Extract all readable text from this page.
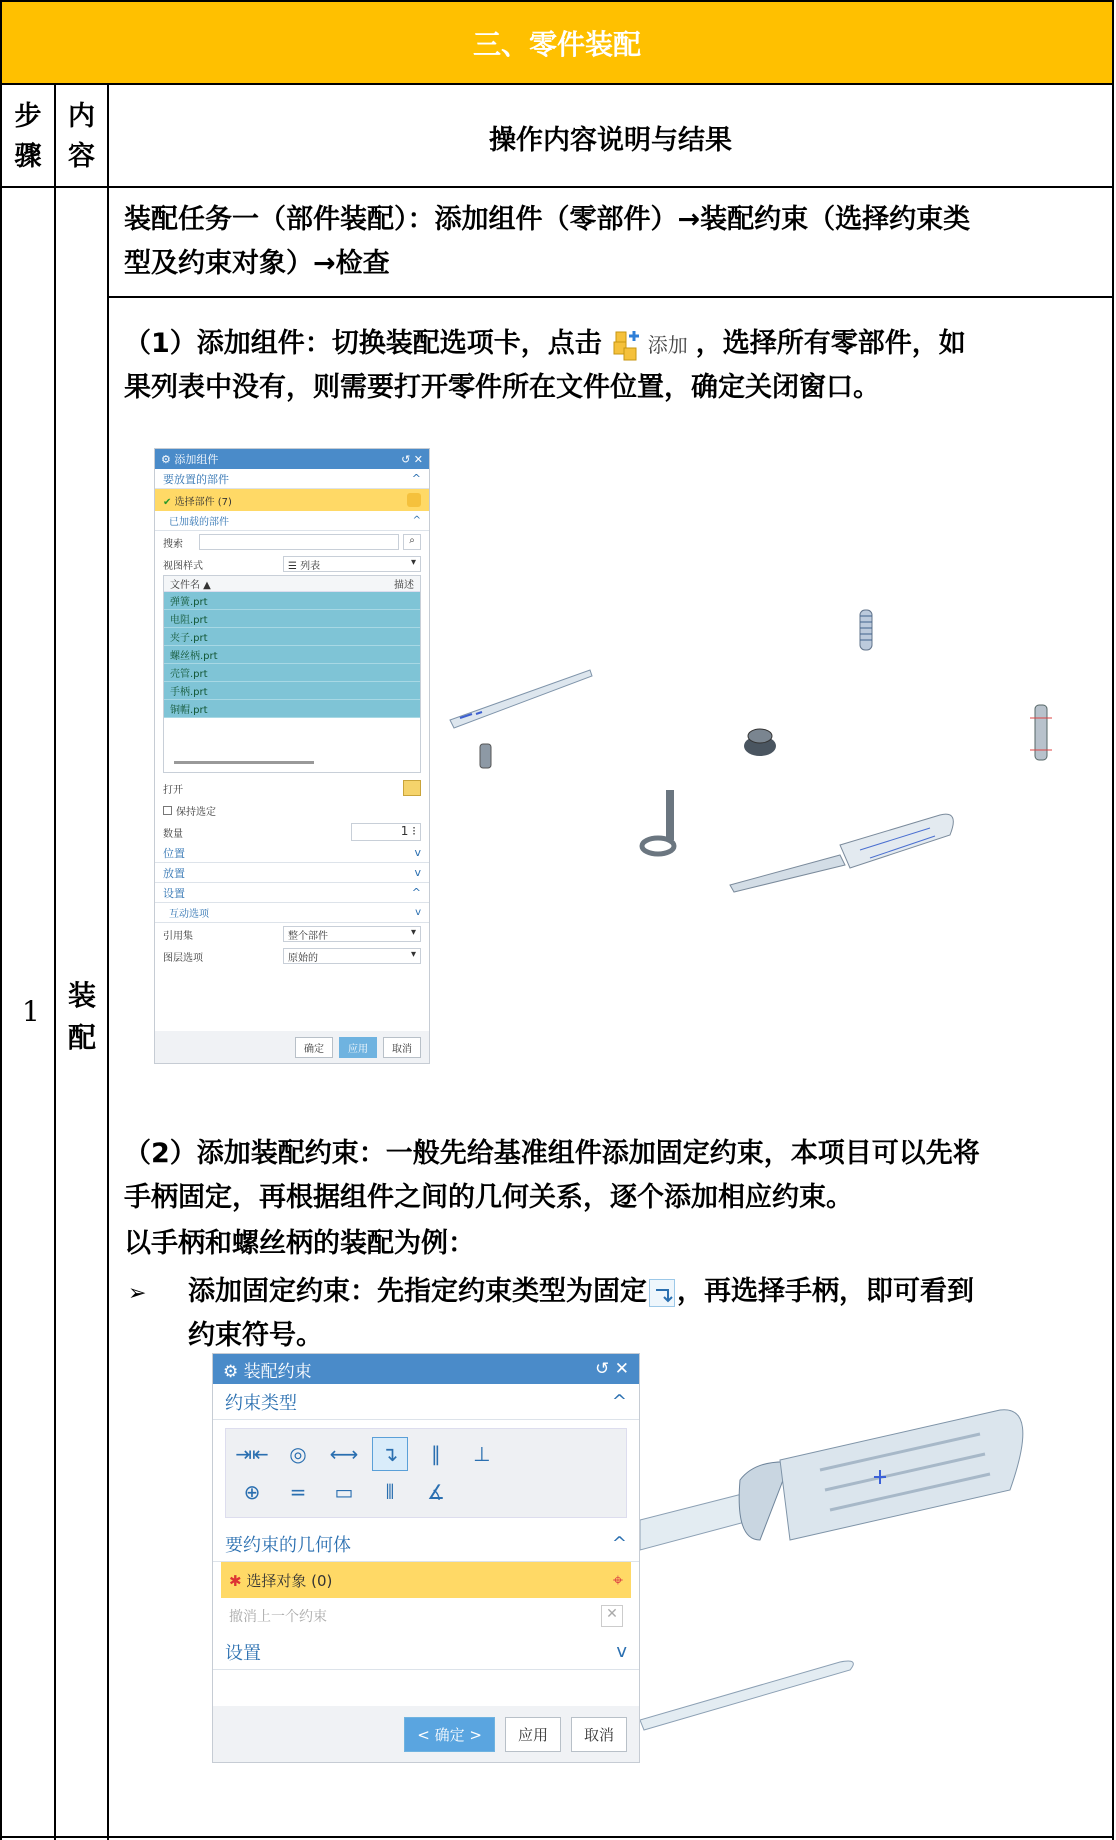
三、零件装配
步
骤
内
容
操作内容说明与结果
1 装
配
装配任务一（部件装配）：添加组件（零部件）→装配约束（选择约束类
型及约束对象）→检查
（1）添加组件：切换装配选项卡，点击 添加 ，选择所有零部件，如
果列表中没有，则需要打开零件所在文件位置，确定关闭窗口。
⚙ 添加组件	↺ ✕
要放置的部件	^
✔ 选择部件 (7)
已加载的部件	^
搜索	⌕
视图样式	☰ 列表	▾
文件名 ▲	描述
弹簧.prt
电阻.prt
夹子.prt
螺丝柄.prt
壳管.prt
手柄.prt
铜帽.prt
打开
保持选定
数量	1 ⁝
位置	v
放置	v
设置	^
互动选项	v
引用集	整个部件	▾
图层选项	原始的	▾
确定	应用	取消
（2）添加装配约束：一般先给基准组件添加固定约束，本项目可以先将
手柄固定，再根据组件之间的几何关系，逐个添加相应约束。
以手柄和螺丝柄的装配为例：
➢ 添加固定约束：先指定约束类型为固定 ，再选择手柄，即可看到
约束符号。
⚙ 装配约束	↺ ✕
约束类型	^
⇥⇤	◎	⟷	↴	∥	⊥
⊕	=	▭	⫴	∡
要约束的几何体	^
✱ 选择对象 (0)	⌖
撤消上一个约束	✕
设置	v
< 确定 >	应用	取消
